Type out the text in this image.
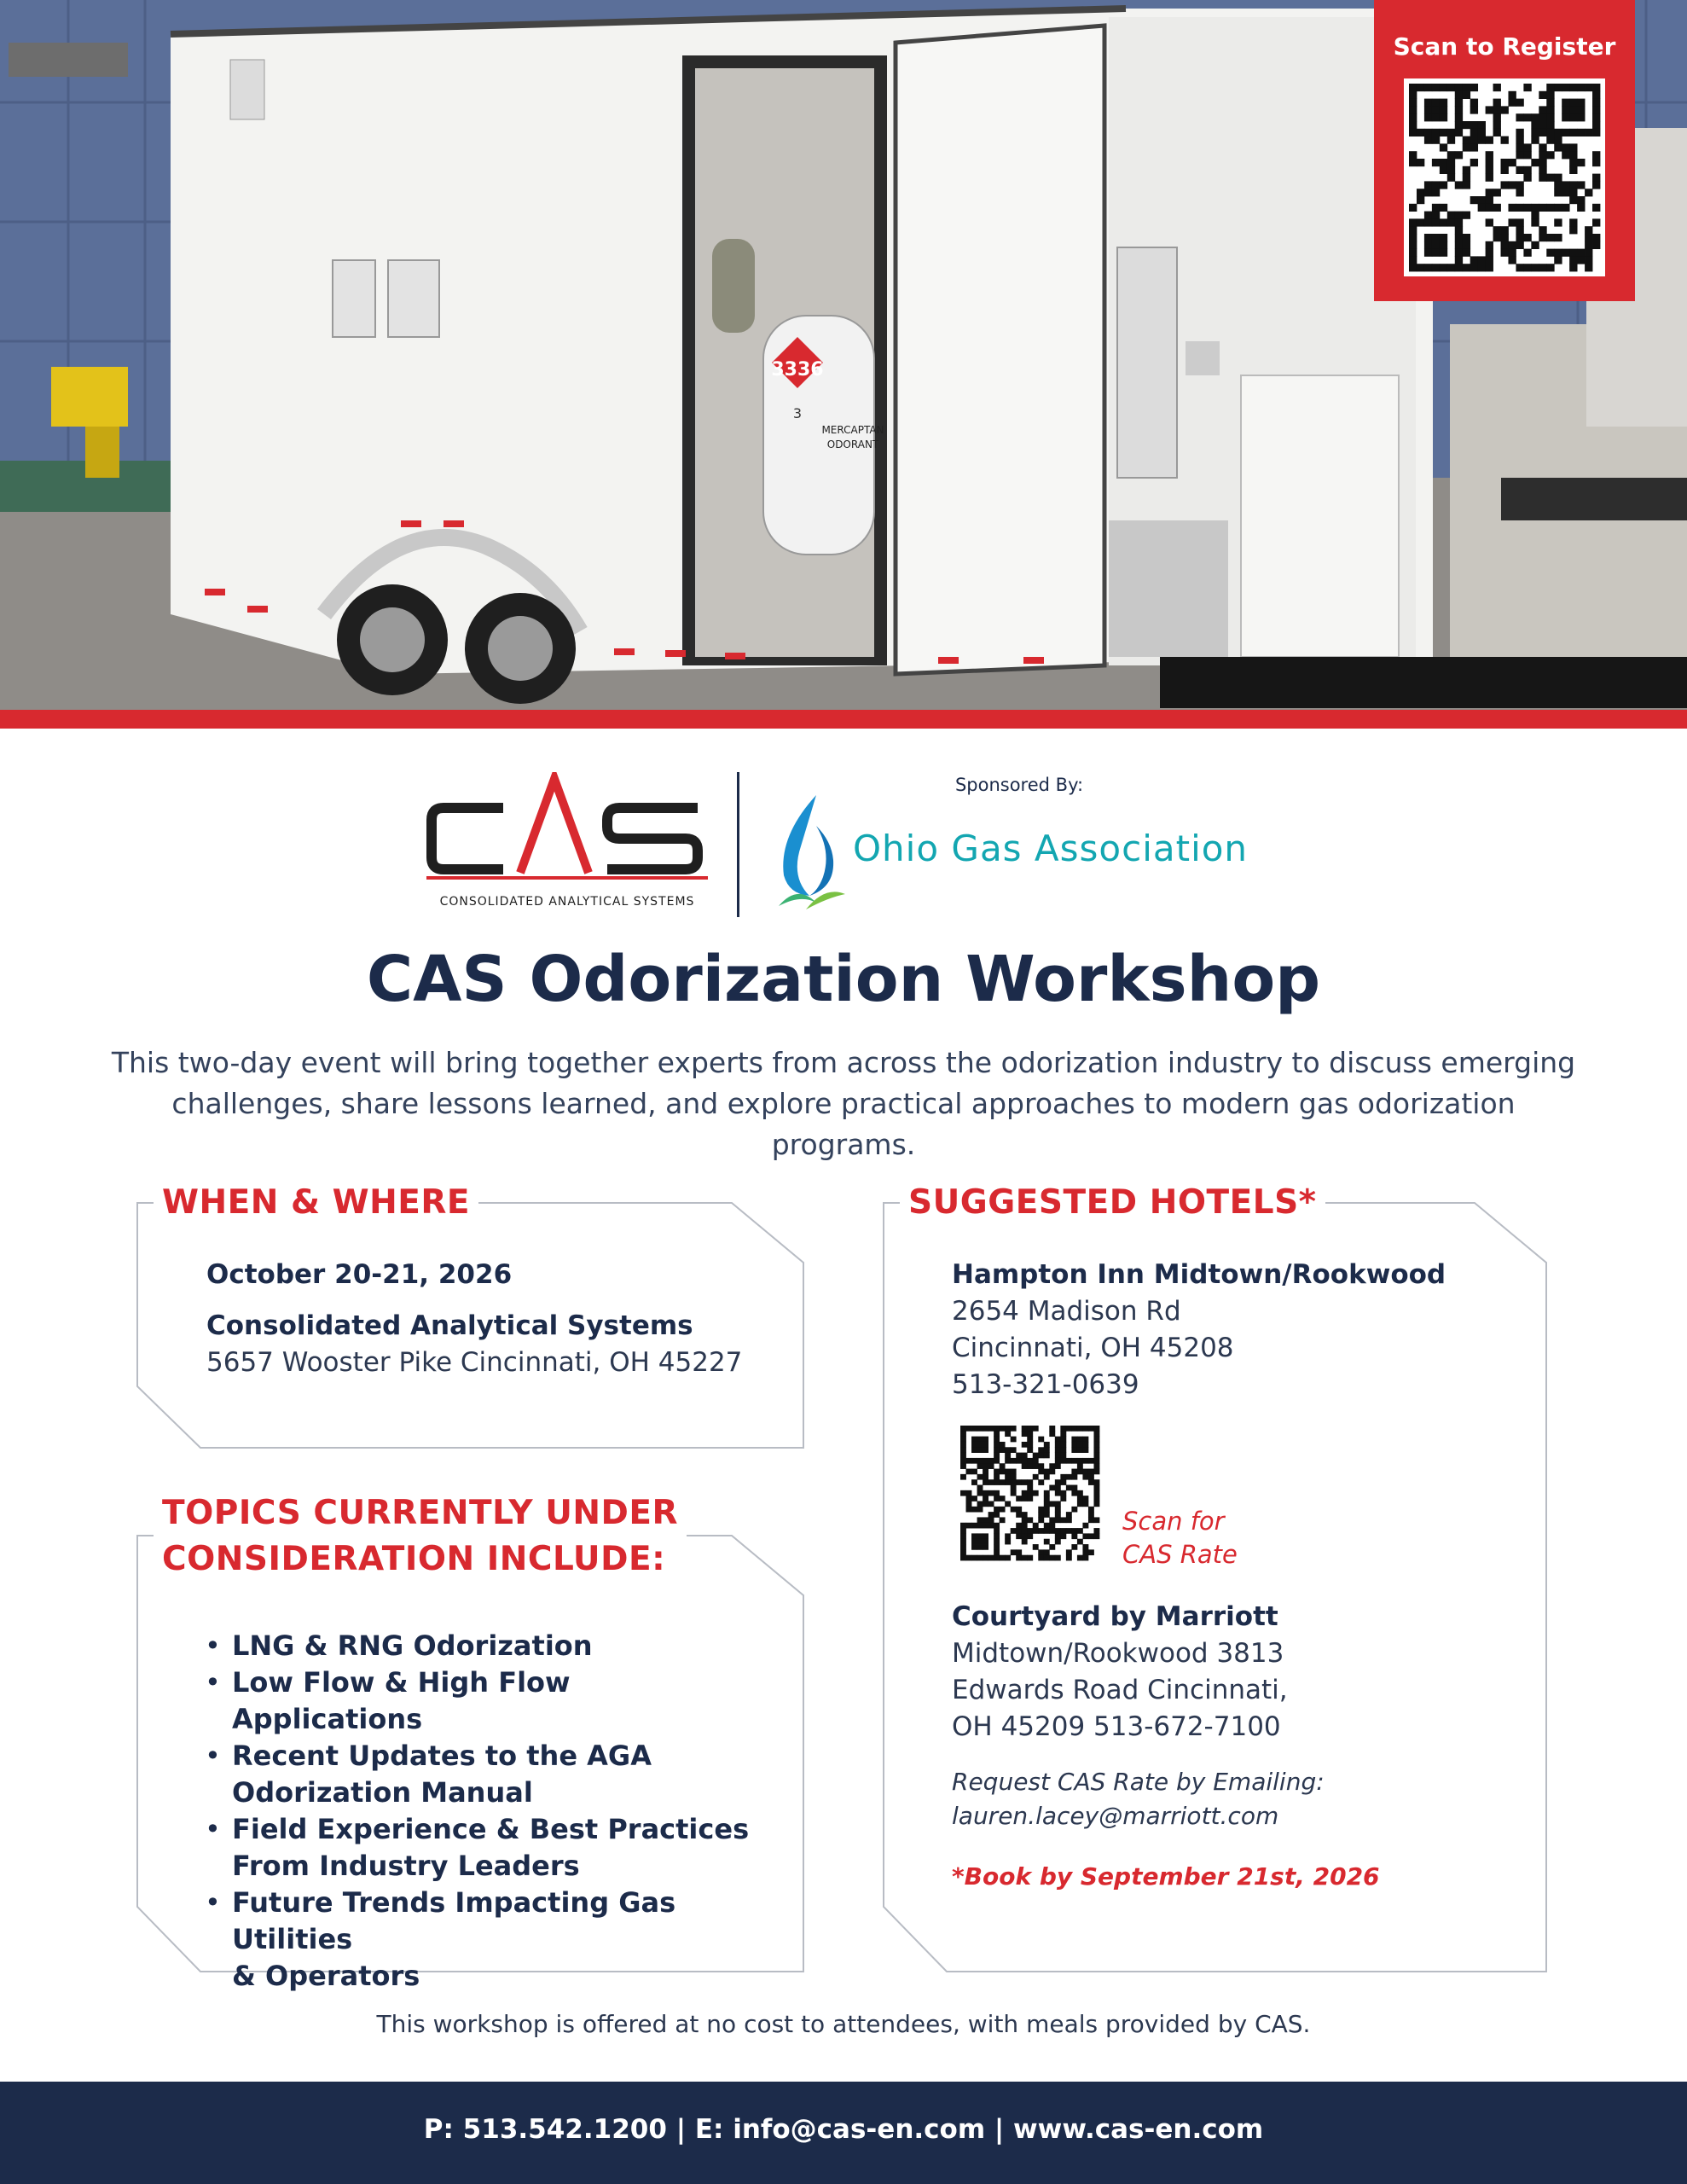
3336
3
MERCAPTAN
ODORANT
Scan to Register
CONSOLIDATED ANALYTICAL SYSTEMS
Sponsored By:
Ohio Gas Association
CAS Odorization Workshop
This two-day event will bring together experts from across the odorization industry to discuss emerging challenges, share lessons learned, and explore practical approaches to modern gas odorization programs.
WHEN & WHERE
October 20-21, 2026
Consolidated Analytical Systems
5657 Wooster Pike Cincinnati, OH 45227
TOPICS CURRENTLY UNDER
CONSIDERATION INCLUDE:
• LNG & RNG Odorization
• Low Flow & High Flow Applications
• Recent Updates to the AGA
Odorization Manual
• Field Experience & Best Practices
From Industry Leaders
• Future Trends Impacting Gas Utilities
& Operators
SUGGESTED HOTELS*
Hampton Inn Midtown/Rookwood
2654 Madison Rd
Cincinnati, OH 45208
513-321-0639
Scan for
CAS Rate
Courtyard by Marriott
Midtown/Rookwood 3813
Edwards Road Cincinnati,
OH 45209 513-672-7100
Request CAS Rate by Emailing:
lauren.lacey@marriott.com
*Book by September 21st, 2026
This workshop is offered at no cost to attendees, with meals provided by CAS.
P: 513.542.1200 | E: info@cas-en.com | www.cas-en.com
